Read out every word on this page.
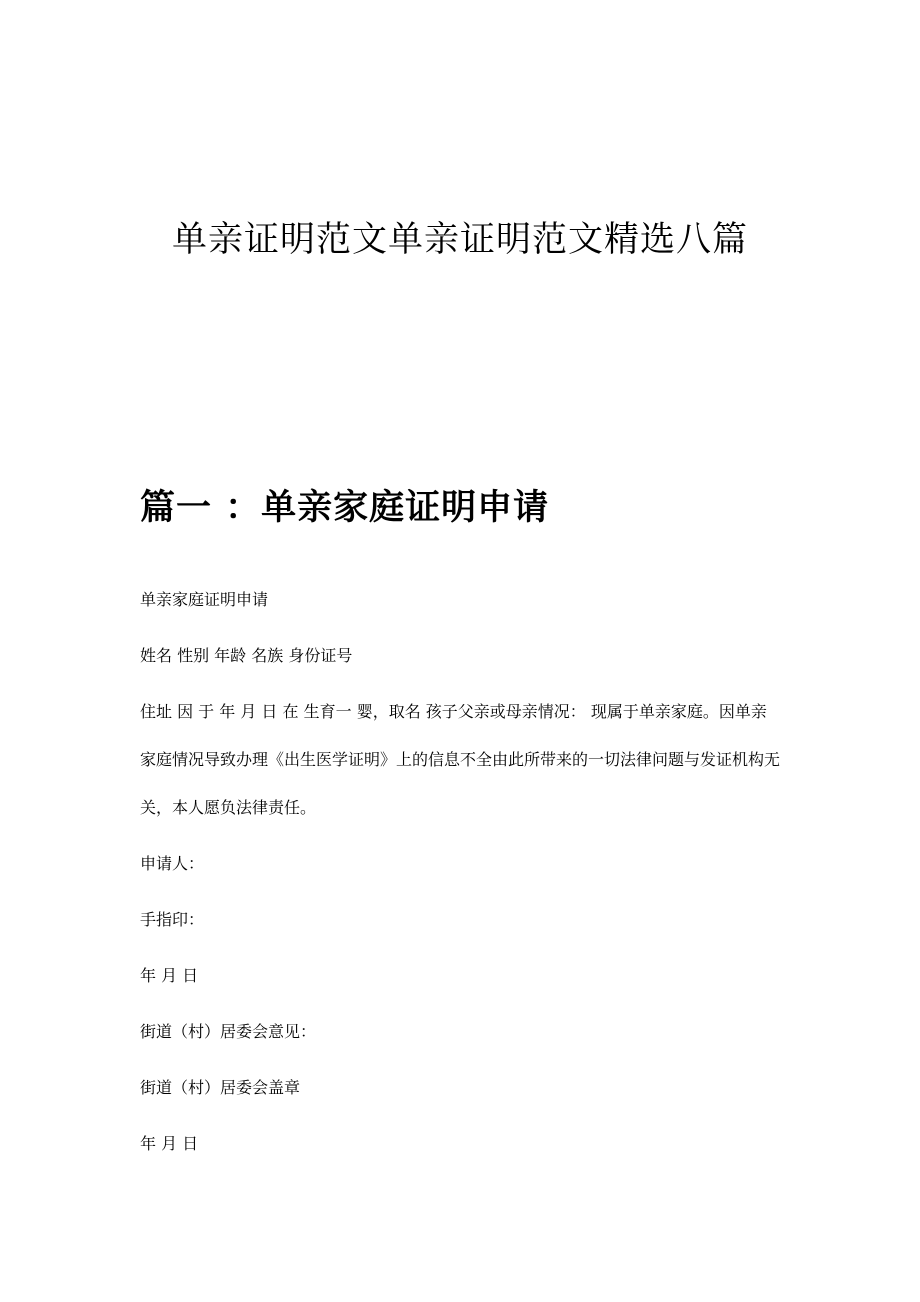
单亲证明范文单亲证明范文精选八篇
篇一 ：单亲家庭证明申请
单亲家庭证明申请
姓名 性别 年龄 名族 身份证号
住址 因 于 年 月 日 在 生育一 婴，取名 孩子父亲或母亲情况： 现属于单亲家庭。因单亲家庭情况导致办理《出生医学证明》上的信息不全由此所带来的一切法律问题与发证机构无关，本人愿负法律责任。
申请人：
手指印：
年 月 日
街道（村）居委会意见：
街道（村）居委会盖章
年 月 日
